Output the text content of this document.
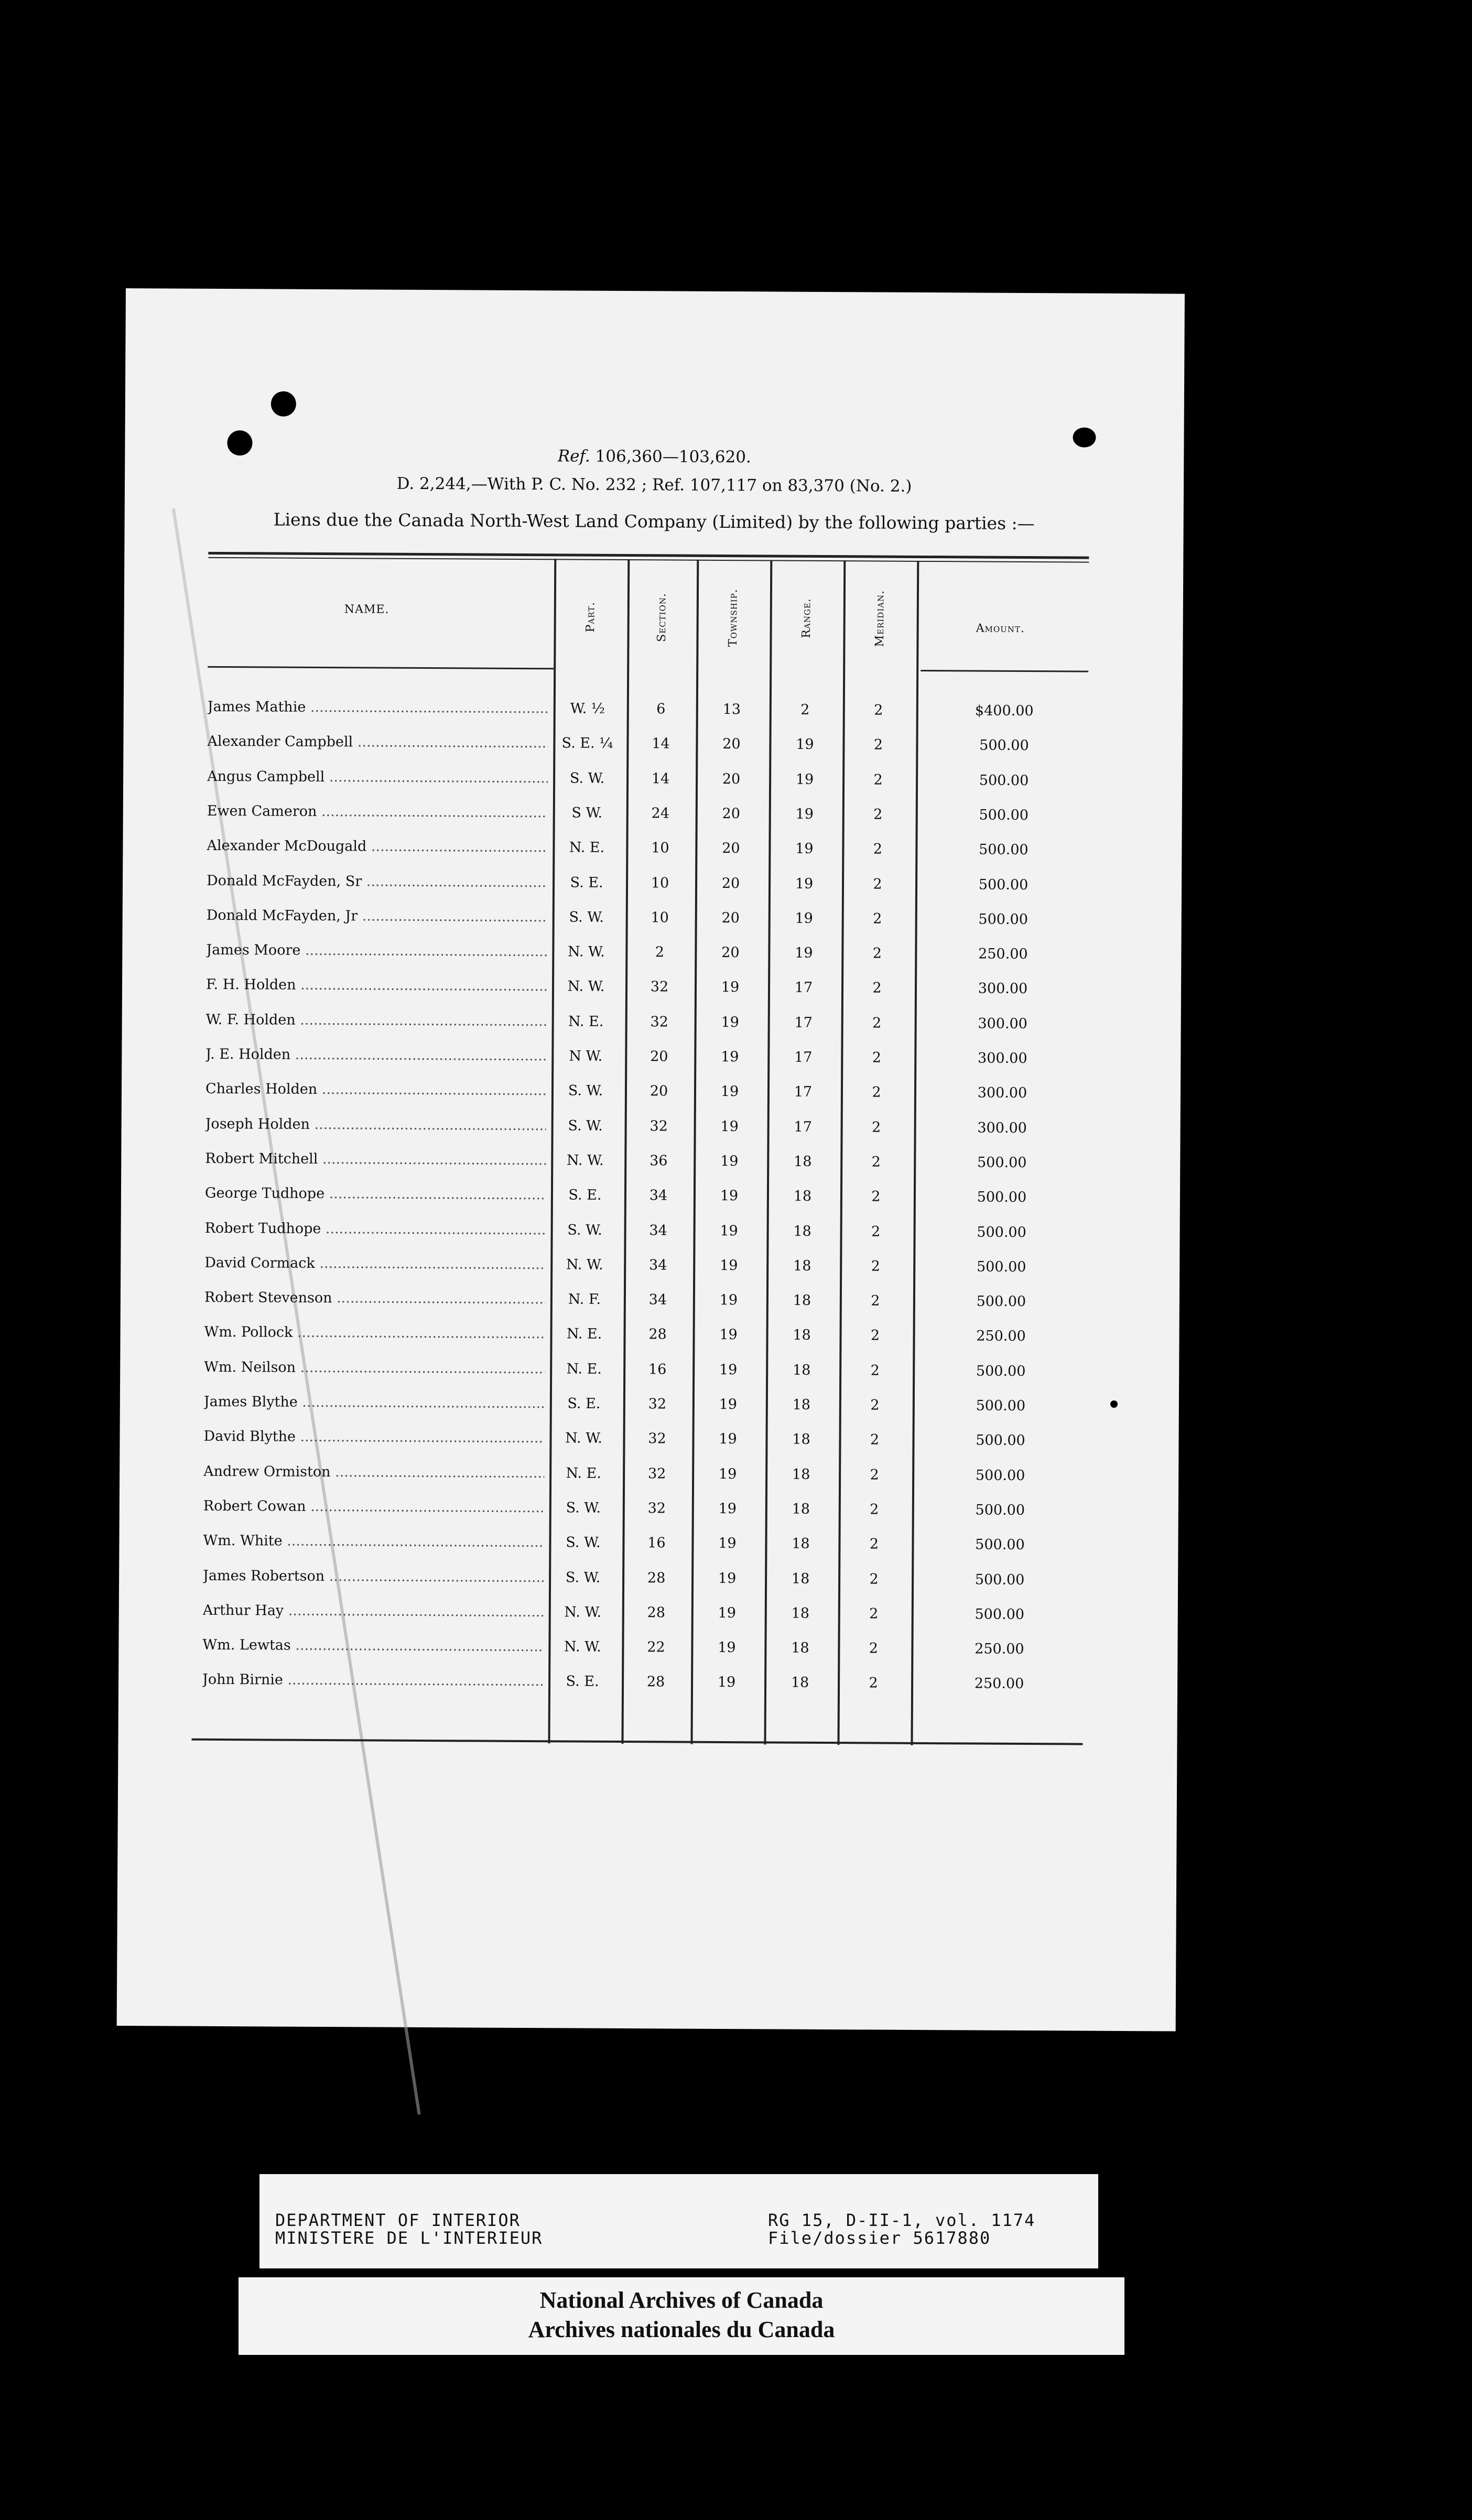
Ref. 106,360—103,620.
D. 2,244,—With P. C. No. 232 ; Ref. 107,117 on 83,370 (No. 2.)
Liens due the Canada North-West Land Company (Limited) by the following parties :—
NAME.	Part.	Section.	Township.	Range.	Meridian.	Amount.
James Mathie .....	W. ½	6	13	2	2	$400.00
Alexander Campbell .....	S. E. ¼	14	20	19	2	500.00
Angus Campbell .....	S. W.	14	20	19	2	500.00
Ewen Cameron .....	S W.	24	20	19	2	500.00
Alexander McDougald .....	N. E.	10	20	19	2	500.00
Donald McFayden, Sr .....	S. E.	10	20	19	2	500.00
Donald McFayden, Jr .....	S. W.	10	20	19	2	500.00
James Moore .....	N. W.	2	20	19	2	250.00
F. H. Holden .....	N. W.	32	19	17	2	300.00
W. F. Holden .....	N. E.	32	19	17	2	300.00
J. E. Holden .....	N W.	20	19	17	2	300.00
Charles Holden .....	S. W.	20	19	17	2	300.00
Joseph Holden .....	S. W.	32	19	17	2	300.00
Robert Mitchell .....	N. W.	36	19	18	2	500.00
George Tudhope .....	S. E.	34	19	18	2	500.00
Robert Tudhope .....	S. W.	34	19	18	2	500.00
David Cormack .....	N. W.	34	19	18	2	500.00
Robert Stevenson .....	N. F.	34	19	18	2	500.00
Wm. Pollock .....	N. E.	28	19	18	2	250.00
Wm. Neilson .....	N. E.	16	19	18	2	500.00
James Blythe .....	S. E.	32	19	18	2	500.00
David Blythe .....	N. W.	32	19	18	2	500.00
Andrew Ormiston .....	N. E.	32	19	18	2	500.00
Robert Cowan .....	S. W.	32	19	18	2	500.00
Wm. White .....	S. W.	16	19	18	2	500.00
James Robertson .....	S. W.	28	19	18	2	500.00
Arthur Hay .....	N. W.	28	19	18	2	500.00
Wm. Lewtas .....	N. W.	22	19	18	2	250.00
John Birnie .....	S. E.	28	19	18	2	250.00
DEPARTMENT OF INTERIOR
MINISTERE DE L'INTERIEUR
RG 15, D-II-1, vol. 1174
File/dossier 5617880
National Archives of Canada
Archives nationales du Canada
